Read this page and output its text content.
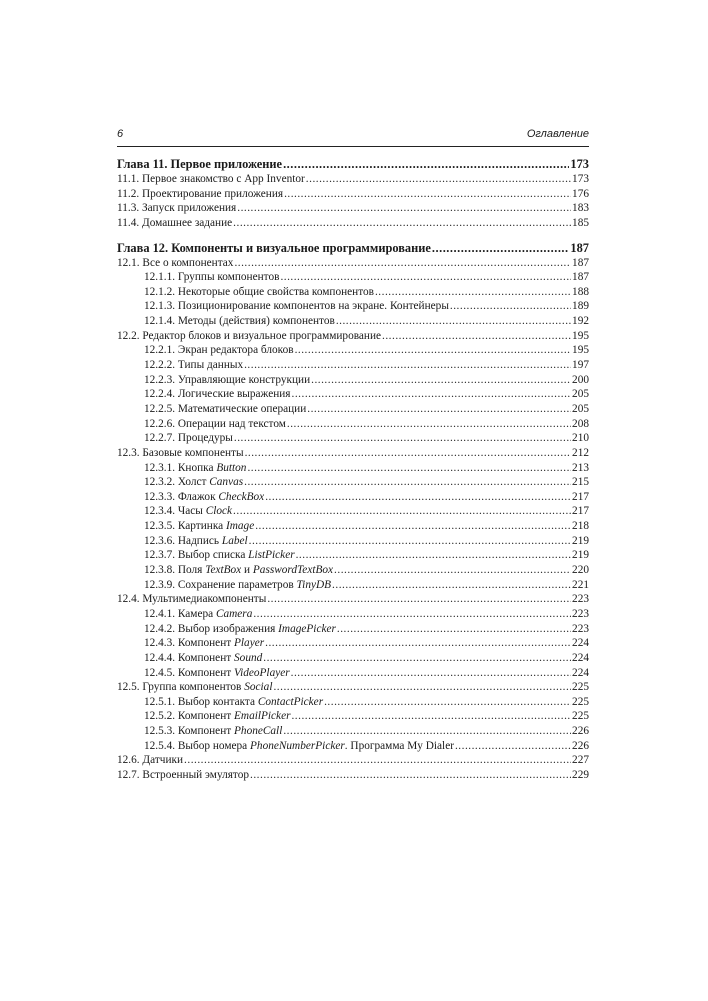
6	Оглавление
Глава 11. Первое приложение .....	173
11.1. Первое знакомство с App Inventor .....	173
11.2. Проектирование приложения .....	176
11.3. Запуск приложения .....	183
11.4. Домашнее задание .....	185
Глава 12. Компоненты и визуальное программирование .....	187
12.1. Все о компонентах .....	187
12.1.1. Группы компонентов .....	187
12.1.2. Некоторые общие свойства компонентов .....	188
12.1.3. Позиционирование компонентов на экране. Контейнеры .....	189
12.1.4. Методы (действия) компонентов .....	192
12.2. Редактор блоков и визуальное программирование .....	195
12.2.1. Экран редактора блоков .....	195
12.2.2. Типы данных .....	197
12.2.3. Управляющие конструкции .....	200
12.2.4. Логические выражения .....	205
12.2.5. Математические операции .....	205
12.2.6. Операции над текстом .....	208
12.2.7. Процедуры .....	210
12.3. Базовые компоненты .....	212
12.3.1. Кнопка Button .....	213
12.3.2. Холст Canvas .....	215
12.3.3. Флажок CheckBox .....	217
12.3.4. Часы Clock .....	217
12.3.5. Картинка Image .....	218
12.3.6. Надпись Label .....	219
12.3.7. Выбор списка ListPicker .....	219
12.3.8. Поля TextBox и PasswordTextBox .....	220
12.3.9. Сохранение параметров TinyDB .....	221
12.4. Мультимедиакомпоненты .....	223
12.4.1. Камера Camera .....	223
12.4.2. Выбор изображения ImagePicker .....	223
12.4.3. Компонент Player .....	224
12.4.4. Компонент Sound .....	224
12.4.5. Компонент VideoPlayer .....	224
12.5. Группа компонентов Social .....	225
12.5.1. Выбор контакта ContactPicker .....	225
12.5.2. Компонент EmailPicker .....	225
12.5.3. Компонент PhoneCall .....	226
12.5.4. Выбор номера PhoneNumberPicker. Программа My Dialer .....	226
12.6. Датчики .....	227
12.7. Встроенный эмулятор .....	229
